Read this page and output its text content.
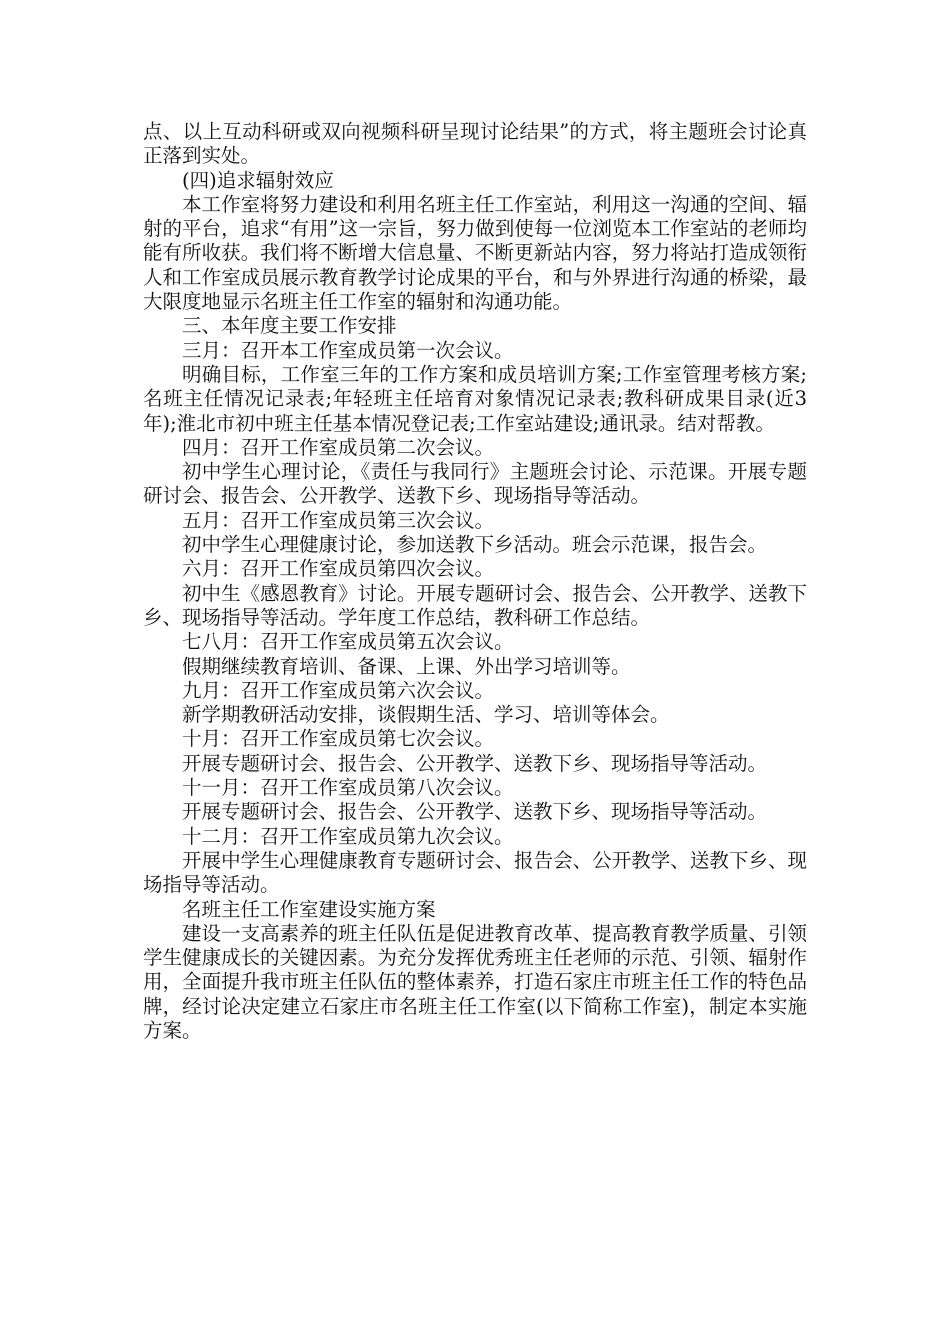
点、以上互动科研或双向视频科研呈现讨论结果”的方式，将主题班会讨论真正落到实处。

(四)追求辐射效应

本工作室将努力建设和利用名班主任工作室站，利用这一沟通的空间、辐射的平台，追求“有用”这一宗旨，努力做到使每一位浏览本工作室站的老师均能有所收获。我们将不断增大信息量、不断更新站内容，努力将站打造成领衔人和工作室成员展示教育教学讨论成果的平台，和与外界进行沟通的桥梁，最大限度地显示名班主任工作室的辐射和沟通功能。

三、本年度主要工作安排

三月：召开本工作室成员第一次会议。

明确目标，工作室三年的工作方案和成员培训方案;工作室管理考核方案;名班主任情况记录表;年轻班主任培育对象情况记录表;教科研成果目录(近3年);淮北市初中班主任基本情况登记表;工作室站建设;通讯录。结对帮教。

四月：召开工作室成员第二次会议。

初中学生心理讨论，《责任与我同行》主题班会讨论、示范课。开展专题研讨会、报告会、公开教学、送教下乡、现场指导等活动。

五月：召开工作室成员第三次会议。

初中学生心理健康讨论，参加送教下乡活动。班会示范课，报告会。

六月：召开工作室成员第四次会议。

初中生《感恩教育》讨论。开展专题研讨会、报告会、公开教学、送教下乡、现场指导等活动。学年度工作总结，教科研工作总结。

七八月：召开工作室成员第五次会议。

假期继续教育培训、备课、上课、外出学习培训等。

九月：召开工作室成员第六次会议。

新学期教研活动安排，谈假期生活、学习、培训等体会。

十月：召开工作室成员第七次会议。

开展专题研讨会、报告会、公开教学、送教下乡、现场指导等活动。

十一月：召开工作室成员第八次会议。

开展专题研讨会、报告会、公开教学、送教下乡、现场指导等活动。

十二月：召开工作室成员第九次会议。

开展中学生心理健康教育专题研讨会、报告会、公开教学、送教下乡、现场指导等活动。

名班主任工作室建设实施方案

建设一支高素养的班主任队伍是促进教育改革、提高教育教学质量、引领学生健康成长的关键因素。为充分发挥优秀班主任老师的示范、引领、辐射作用，全面提升我市班主任队伍的整体素养，打造石家庄市班主任工作的特色品牌，经讨论决定建立石家庄市名班主任工作室(以下简称工作室)，制定本实施方案。
